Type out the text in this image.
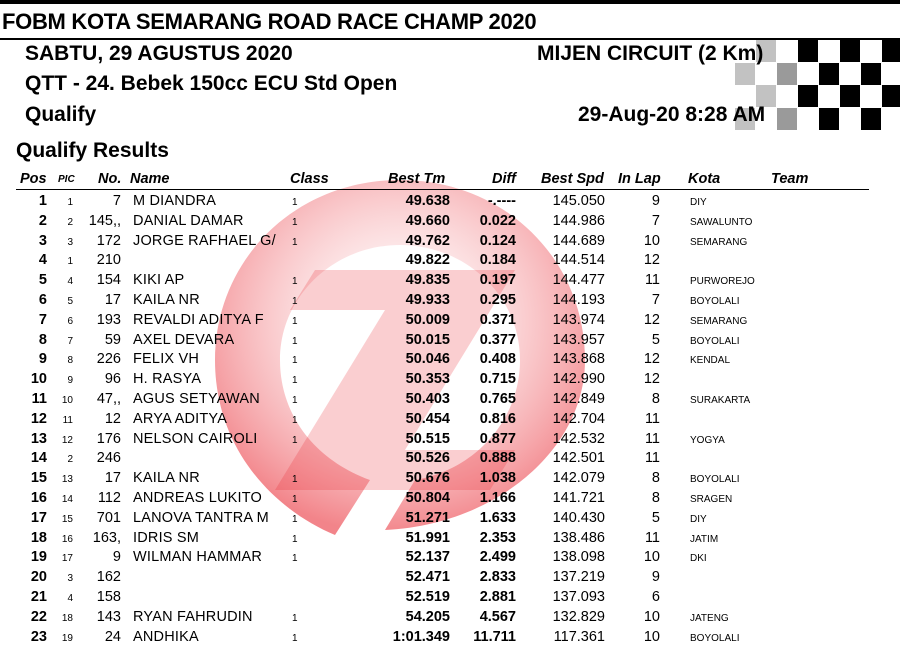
FOBM KOTA SEMARANG ROAD RACE CHAMP 2020
SABTU, 29 AGUSTUS 2020
QTT - 24. Bebek 150cc ECU Std Open
Qualify
MIJEN CIRCUIT (2 Km)
29-Aug-20 8:28 AM
Qualify Results
Pos PIC No. Name	Class	Best Tm	Diff Best Spd In Lap Kota	Team
1	1	7 M DIANDRA	1	49.638	-.----	145.050	9	DIY
2	2	145,, DANIAL DAMAR	1	49.660	0.022	144.986	7	SAWALUNTO
3	3	172 JORGE RAFHAEL G/	1	49.762	0.124	144.689	10	SEMARANG
4	1	210	49.822	0.184	144.514	12
5	4	154 KIKI AP	1	49.835	0.197	144.477	11	PURWOREJO
6	5	17 KAILA NR	1	49.933	0.295	144.193	7	BOYOLALI
7	6	193 REVALDI ADITYA F	1	50.009	0.371	143.974	12	SEMARANG
8	7	59 AXEL DEVARA	1	50.015	0.377	143.957	5	BOYOLALI
9	8	226 FELIX VH	1	50.046	0.408	143.868	12	KENDAL
10	9	96 H. RASYA	1	50.353	0.715	142.990	12
11	10	47,, AGUS SETYAWAN	1	50.403	0.765	142.849	8	SURAKARTA
12	11	12 ARYA ADITYA	1	50.454	0.816	142.704	11
13	12	176 NELSON CAIROLI	1	50.515	0.877	142.532	11	YOGYA
14	2	246	50.526	0.888	142.501	11
15	13	17 KAILA NR	1	50.676	1.038	142.079	8	BOYOLALI
16	14	112 ANDREAS LUKITO	1	50.804	1.166	141.721	8	SRAGEN
17	15	701 LANOVA TANTRA M	1	51.271	1.633	140.430	5	DIY
18	16	163, IDRIS SM	1	51.991	2.353	138.486	11	JATIM
19	17	9 WILMAN HAMMAR	1	52.137	2.499	138.098	10	DKI
20	3	162	52.471	2.833	137.219	9
21	4	158	52.519	2.881	137.093	6
22	18	143 RYAN FAHRUDIN	1	54.205	4.567	132.829	10	JATENG
23	19	24 ANDHIKA	1	1:01.349	11.711	117.361	10	BOYOLALI
